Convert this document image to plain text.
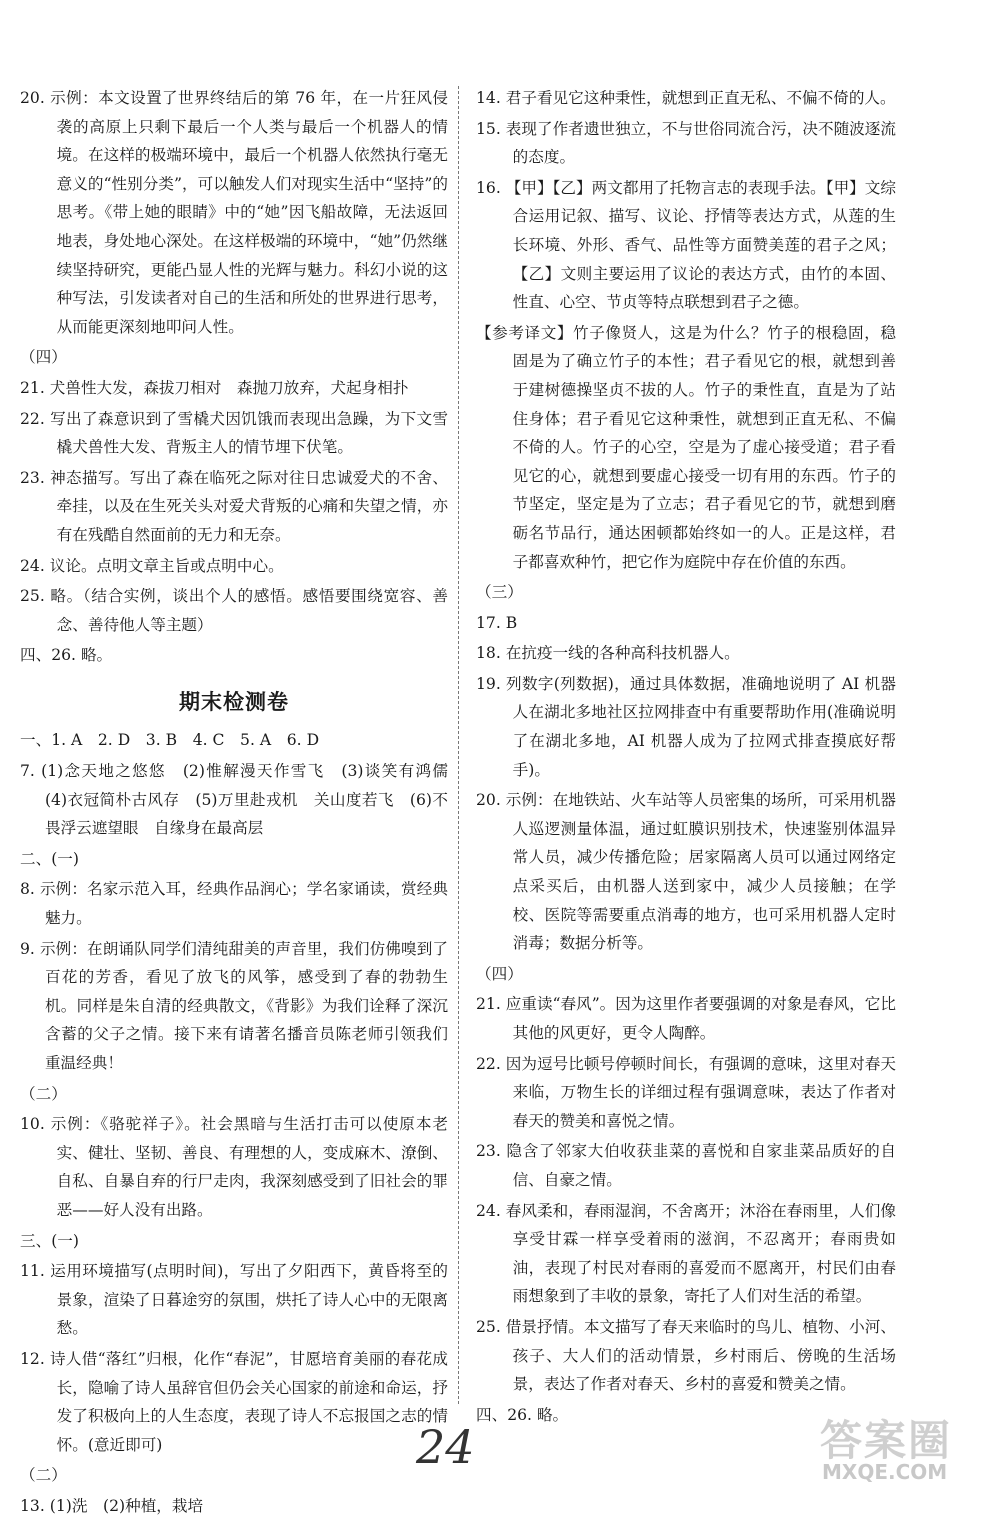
20. 示例：本文设置了世界终结后的第 76 年，在一片狂风侵袭的高原上只剩下最后一个人类与最后一个机器人的情境。在这样的极端环境中，最后一个机器人依然执行毫无意义的“性别分类”，可以触发人们对现实生活中“坚持”的思考。《带上她的眼睛》中的“她”因飞船故障，无法返回地表，身处地心深处。在这样极端的环境中，“她”仍然继续坚持研究，更能凸显人性的光辉与魅力。科幻小说的这种写法，引发读者对自己的生活和所处的世界进行思考，从而能更深刻地叩问人性。

（四）

21. 犬兽性大发，森拔刀相对　森抛刀放弃，犬起身相扑

22. 写出了森意识到了雪橇犬因饥饿而表现出急躁，为下文雪橇犬兽性大发、背叛主人的情节埋下伏笔。

23. 神态描写。写出了森在临死之际对往日忠诚爱犬的不舍、牵挂，以及在生死关头对爱犬背叛的心痛和失望之情，亦有在残酷自然面前的无力和无奈。

24. 议论。点明文章主旨或点明中心。

25. 略。（结合实例，谈出个人的感悟。感悟要围绕宽容、善念、善待他人等主题）

四、26. 略。

期末检测卷

一、1. A　2. D　3. B　4. C　5. A　6. D

7. (1)念天地之悠悠　(2)惟解漫天作雪飞　(3)谈笑有鸿儒　(4)衣冠简朴古风存　(5)万里赴戎机　关山度若飞　(6)不畏浮云遮望眼　自缘身在最高层

二、(一)

8. 示例：名家示范入耳，经典作品润心；学名家诵读，赏经典魅力。

9. 示例：在朗诵队同学们清纯甜美的声音里，我们仿佛嗅到了百花的芳香，看见了放飞的风筝，感受到了春的勃勃生机。同样是朱自清的经典散文，《背影》为我们诠释了深沉含蓄的父子之情。接下来有请著名播音员陈老师引领我们重温经典！

（二）

10. 示例：《骆驼祥子》。社会黑暗与生活打击可以使原本老实、健壮、坚韧、善良、有理想的人，变成麻木、潦倒、自私、自暴自弃的行尸走肉，我深刻感受到了旧社会的罪恶——好人没有出路。

三、(一)

11. 运用环境描写(点明时间)，写出了夕阳西下，黄昏将至的景象，渲染了日暮途穷的氛围，烘托了诗人心中的无限离愁。

12. 诗人借“落红”归根，化作“春泥”，甘愿培育美丽的春花成长，隐喻了诗人虽辞官但仍会关心国家的前途和命运，抒发了积极向上的人生态度，表现了诗人不忘报国之志的情怀。(意近即可)

（二）

13. (1)洗　(2)种植，栽培

14. 君子看见它这种秉性，就想到正直无私、不偏不倚的人。

15. 表现了作者遗世独立，不与世俗同流合污，决不随波逐流的态度。

16. 【甲】【乙】两文都用了托物言志的表现手法。【甲】文综合运用记叙、描写、议论、抒情等表达方式，从莲的生长环境、外形、香气、品性等方面赞美莲的君子之风；【乙】文则主要运用了议论的表达方式，由竹的本固、性直、心空、节贞等特点联想到君子之德。

【参考译文】竹子像贤人，这是为什么？竹子的根稳固，稳固是为了确立竹子的本性；君子看见它的根，就想到善于建树德操坚贞不拔的人。竹子的秉性直，直是为了站住身体；君子看见它这种秉性，就想到正直无私、不偏不倚的人。竹子的心空，空是为了虚心接受道；君子看见它的心，就想到要虚心接受一切有用的东西。竹子的节坚定，坚定是为了立志；君子看见它的节，就想到磨砺名节品行，通达困顿都始终如一的人。正是这样，君子都喜欢种竹，把它作为庭院中存在价值的东西。

（三）

17. B

18. 在抗疫一线的各种高科技机器人。

19. 列数字(列数据)，通过具体数据，准确地说明了 AI 机器人在湖北多地社区拉网排查中有重要帮助作用(准确说明了在湖北多地，AI 机器人成为了拉网式排查摸底好帮手)。

20. 示例：在地铁站、火车站等人员密集的场所，可采用机器人巡逻测量体温，通过虹膜识别技术，快速鉴别体温异常人员，减少传播危险；居家隔离人员可以通过网络定点采买后，由机器人送到家中，减少人员接触；在学校、医院等需要重点消毒的地方，也可采用机器人定时消毒；数据分析等。

（四）

21. 应重读“春风”。因为这里作者要强调的对象是春风，它比其他的风更好，更令人陶醉。

22. 因为逗号比顿号停顿时间长，有强调的意味，这里对春天来临，万物生长的详细过程有强调意味，表达了作者对春天的赞美和喜悦之情。

23. 隐含了邻家大伯收获韭菜的喜悦和自家韭菜品质好的自信、自豪之情。

24. 春风柔和，春雨湿润，不舍离开；沐浴在春雨里，人们像享受甘霖一样享受着雨的滋润，不忍离开；春雨贵如油，表现了村民对春雨的喜爱而不愿离开，村民们由春雨想象到了丰收的景象，寄托了人们对生活的希望。

25. 借景抒情。本文描写了春天来临时的鸟儿、植物、小河、孩子、大人们的活动情景，乡村雨后、傍晚的生活场景，表达了作者对春天、乡村的喜爱和赞美之情。

四、26. 略。

24	答案圈
MXQE.COM
